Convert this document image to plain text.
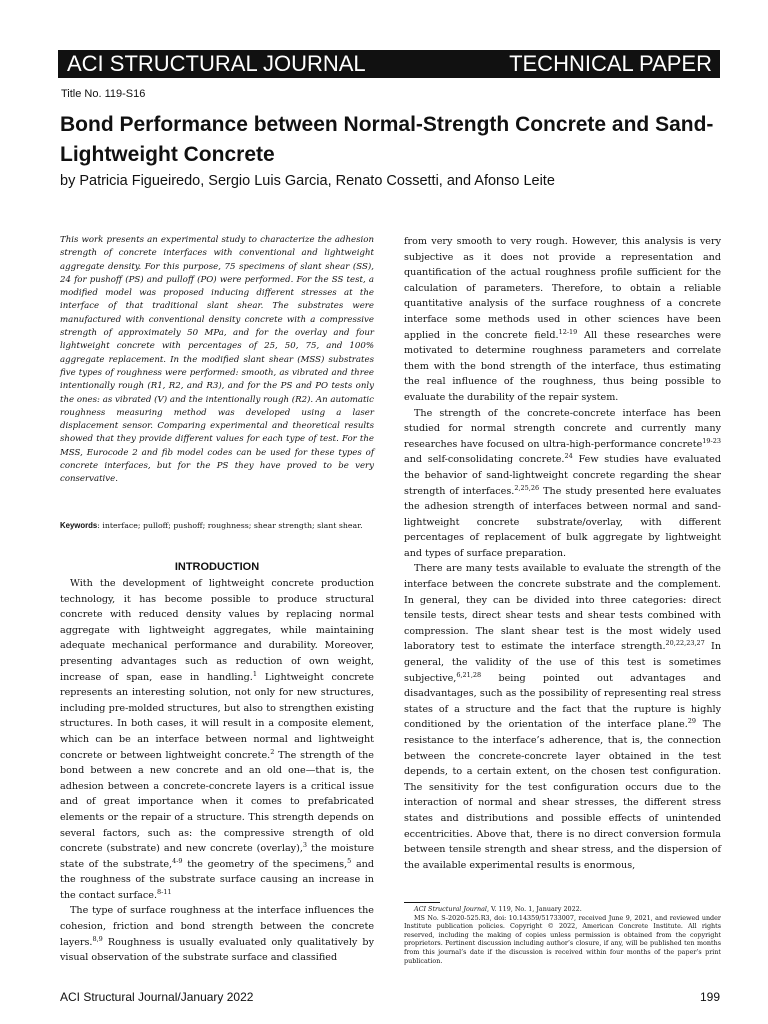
ACI STRUCTURAL JOURNAL	TECHNICAL PAPER
Title No. 119-S16
Bond Performance between Normal-Strength Concrete and Sand-Lightweight Concrete
by Patricia Figueiredo, Sergio Luis Garcia, Renato Cossetti, and Afonso Leite
This work presents an experimental study to characterize the adhesion strength of concrete interfaces with conventional and lightweight aggregate density. For this purpose, 75 specimens of slant shear (SS), 24 for pushoff (PS) and pulloff (PO) were performed. For the SS test, a modified model was proposed inducing different stresses at the interface of that traditional slant shear. The substrates were manufactured with conventional density concrete with a compressive strength of approximately 50 MPa, and for the overlay and four lightweight concrete with percentages of 25, 50, 75, and 100% aggregate replacement. In the modified slant shear (MSS) substrates five types of roughness were performed: smooth, as vibrated and three intentionally rough (R1, R2, and R3), and for the PS and PO tests only the ones: as vibrated (V) and the intentionally rough (R2). An automatic roughness measuring method was developed using a laser displacement sensor. Comparing experimental and theoretical results showed that they provide different values for each type of test. For the MSS, Eurocode 2 and fib model codes can be used for these types of concrete interfaces, but for the PS they have proved to be very conservative.
Keywords: interface; pulloff; pushoff; roughness; shear strength; slant shear.
INTRODUCTION

With the development of lightweight concrete production technology, it has become possible to produce structural concrete with reduced density values by replacing normal aggregate with lightweight aggregates, while maintaining adequate mechanical performance and durability. Moreover, presenting advantages such as reduction of own weight, increase of span, ease in handling.$^1$ Lightweight concrete represents an interesting solution, not only for new structures, including pre-molded structures, but also to strengthen existing structures. In both cases, it will result in a composite element, which can be an interface between normal and lightweight concrete or between lightweight concrete.$^2$ The strength of the bond between a new concrete and an old one—that is, the adhesion between a concrete-concrete layers is a critical issue and of great importance when it comes to prefabricated elements or the repair of a structure. This strength depends on several factors, such as: the compressive strength of old concrete (substrate) and new concrete (overlay),$^3$ the moisture state of the substrate,$^{4-9}$ the geometry of the specimens,$^5$ and the roughness of the substrate surface causing an increase in the contact surface.$^{8-11}$

The type of surface roughness at the interface influences the cohesion, friction and bond strength between the concrete layers.$^{8,9}$ Roughness is usually evaluated only qualitatively by visual observation of the substrate surface and classified

from very smooth to very rough. However, this analysis is very subjective as it does not provide a representation and quantification of the actual roughness profile sufficient for the calculation of parameters. Therefore, to obtain a reliable quantitative analysis of the surface roughness of a concrete interface some methods used in other sciences have been applied in the concrete field.$^{12-19}$ All these researches were motivated to determine roughness parameters and correlate them with the bond strength of the interface, thus estimating the real influence of the roughness, thus being possible to evaluate the durability of the repair system.

The strength of the concrete-concrete interface has been studied for normal strength concrete and currently many researches have focused on ultra-high-performance concrete$^{19-23}$ and self-consolidating concrete.$^{24}$ Few studies have evaluated the behavior of sand-lightweight concrete regarding the shear strength of interfaces.$^{2,25,26}$ The study presented here evaluates the adhesion strength of interfaces between normal and sand-lightweight concrete substrate/overlay, with different percentages of replacement of bulk aggregate by lightweight and types of surface preparation.

There are many tests available to evaluate the strength of the interface between the concrete substrate and the complement. In general, they can be divided into three categories: direct tensile tests, direct shear tests and shear tests combined with compression. The slant shear test is the most widely used laboratory test to estimate the interface strength.$^{20,22,23,27}$ In general, the validity of the use of this test is sometimes subjective,$^{6,21,28}$ being pointed out advantages and disadvantages, such as the possibility of representing real stress states of a structure and the fact that the rupture is highly conditioned by the orientation of the interface plane.$^{29}$ The resistance to the interface’s adherence, that is, the connection between the concrete-concrete layer obtained in the test depends, to a certain extent, on the chosen test configuration. The sensitivity for the test configuration occurs due to the interaction of normal and shear stresses, the different stress states and distributions and possible effects of unintended eccentricities. Above that, there is no direct conversion formula between tensile strength and shear stress, and the dispersion of the available experimental results is enormous,

ACI Structural Journal, V. 119, No. 1, January 2022.

MS No. S-2020-525.R3, doi: 10.14359/51733007, received June 9, 2021, and reviewed under Institute publication policies. Copyright © 2022, American Concrete Institute. All rights reserved, including the making of copies unless permission is obtained from the copyright proprietors. Pertinent discussion including author’s closure, if any, will be published ten months from this journal’s date if the discussion is received within four months of the paper’s print publication.

ACI Structural Journal/January 2022	199
